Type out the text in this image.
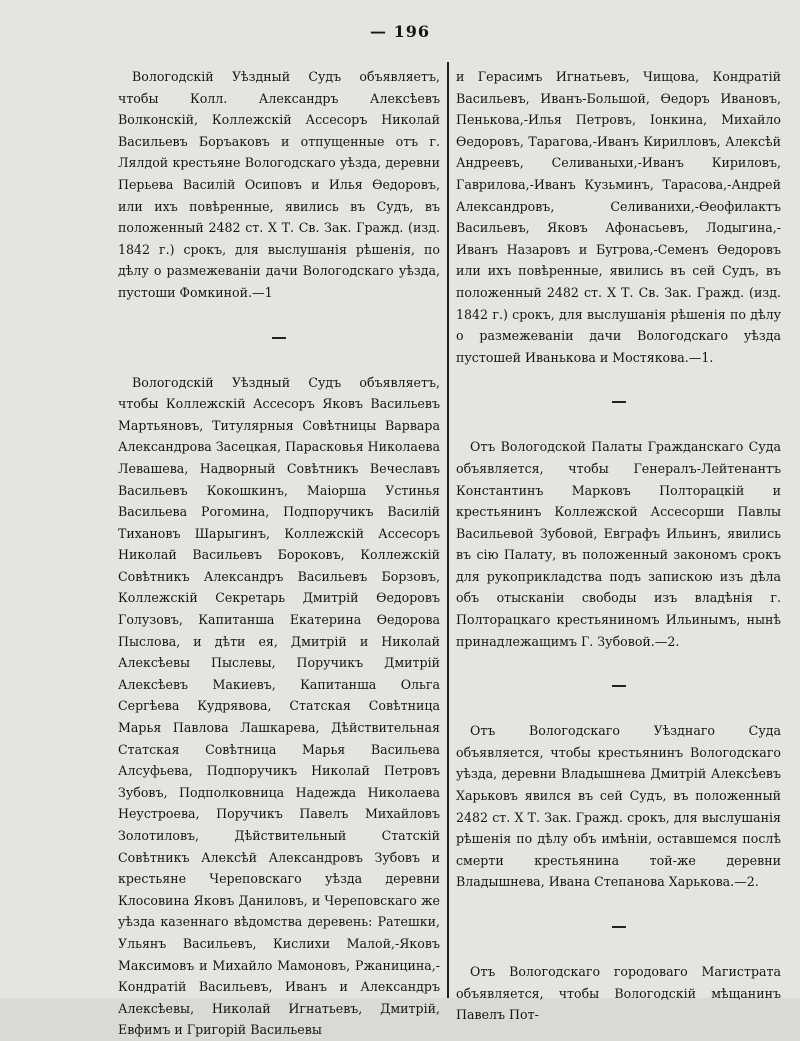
— 196

Вологодскій Уѣздный Судъ объявляетъ, чтобы Колл. Александръ Алексѣевъ Волконскій, Коллежскій Ассесоръ Николай Васильевъ Боръаковъ и отпущенные отъ г. Лялдой крестьяне Вологодскаго уѣзда, деревни Перьева Василій Осиповъ и Илья Өедоровъ, или ихъ повѣренные, явились въ Судъ, въ положенный 2482 ст. Х Т. Св. Зак. Гражд. (изд. 1842 г.) срокъ, для выслушанія рѣшенія, по дѣлу о размежеваніи дачи Вологодскаго уѣзда, пустоши Фомкиной.—1

Вологодскій Уѣздный Судъ объявляетъ, чтобы Коллежскій Ассесоръ Яковъ Васильевъ Мартьяновъ, Титулярныя Совѣтницы Варвара Александрова Засецкая, Парасковья Николаева Левашева, Надворный Совѣтникъ Вечеславъ Васильевъ Кокошкинъ, Маіорша Устинья Васильева Рогомина, Подпоручикъ Василій Тихановъ Шарыгинъ, Коллежскій Ассесоръ Николай Васильевъ Бороковъ, Коллежскій Совѣтникъ Александръ Васильевъ Борзовъ, Коллежскій Секретарь Дмитрій Өедоровъ Голузовъ, Капитанша Екатерина Өедорова Пыслова, и дѣти ея, Дмитрій и Николай Алексѣевы Пыслевы, Поручикъ Дмитрій Алексѣевъ Макиевъ, Капитанша Ольга Сергѣева Кудрявова, Статская Совѣтница Марья Павлова Лашкарева, Дѣйствительная Статская Совѣтница Марья Васильева Алсуфьева, Подпоручикъ Николай Петровъ Зубовъ, Подполковница Надежда Николаева Неустроева, Поручикъ Павелъ Михайловъ Золотиловъ, Дѣйствительный Статскій Совѣтникъ Алексѣй Александровъ Зубовъ и крестьяне Череповскаго уѣзда деревни Клосовина Яковъ Даниловъ, и Череповскаго же уѣзда казеннаго вѣдомства деревень: Ратешки, Ульянъ Васильевъ, Кислихи Малой,-Яковъ Максимовъ и Михайло Мамоновъ, Ржаницина,-Кондратій Васильевъ, Иванъ и Александръ Алексѣевы, Николай Игнатьевъ, Дмитрій, Евфимъ и Григорій Васильевы

и Герасимъ Игнатьевъ, Чищова, Кондратій Васильевъ, Иванъ-Большой, Өедоръ Ивановъ, Пенькова,-Илья Петровъ, Іонкина, Михайло Өедоровъ, Тарагова,-Иванъ Кирилловъ, Алексѣй Андреевъ, Селиваныхи,-Иванъ Кириловъ, Гаврилова,-Иванъ Кузьминъ, Тарасова,-Андрей Александровъ, Селиванихи,-Өеофилактъ Васильевъ, Яковъ Афонасьевъ, Лодыгина,- Иванъ Назаровъ и Бугрова,-Семенъ Өедоровъ или ихъ повѣренные, явились въ сей Судъ, въ положенный 2482 ст. Х Т. Св. Зак. Гражд. (изд. 1842 г.) срокъ, для выслушанія рѣшенія по дѣлу о размежеваніи дачи Вологодскаго уѣзда пустошей Иванькова и Мостякова.—1.

Отъ Вологодской Палаты Гражданскаго Суда объявляется, чтобы Генералъ-Лейтенантъ Константинъ Марковъ Полторацкій и крестьянинъ Коллежской Ассесорши Павлы Васильевой Зубовой, Евграфъ Ильинъ, явились въ сію Палату, въ положенный закономъ срокъ для рукоприкладства подъ запискою изъ дѣла объ отысканіи свободы изъ владѣнія г. Полторацкаго крестьяниномъ Ильинымъ, нынѣ принадлежащимъ Г. Зубовой.—2.

Отъ Вологодскаго Уѣзднаго Суда объявляется, чтобы крестьянинъ Вологодскаго уѣзда, деревни Владышнева Дмитрій Алексѣевъ Харьковъ явился въ сей Судъ, въ положенный 2482 ст. Х Т. Зак. Гражд. срокъ, для выслушанія рѣшенія по дѣлу объ имѣніи, оставшемся послѣ смерти крестьянина той-же деревни Владышнева, Ивана Степанова Харькова.—2.

Отъ Вологодскаго городоваго Магистрата объявляется, чтобы Вологодскій мѣщанинъ Павелъ Пот-
